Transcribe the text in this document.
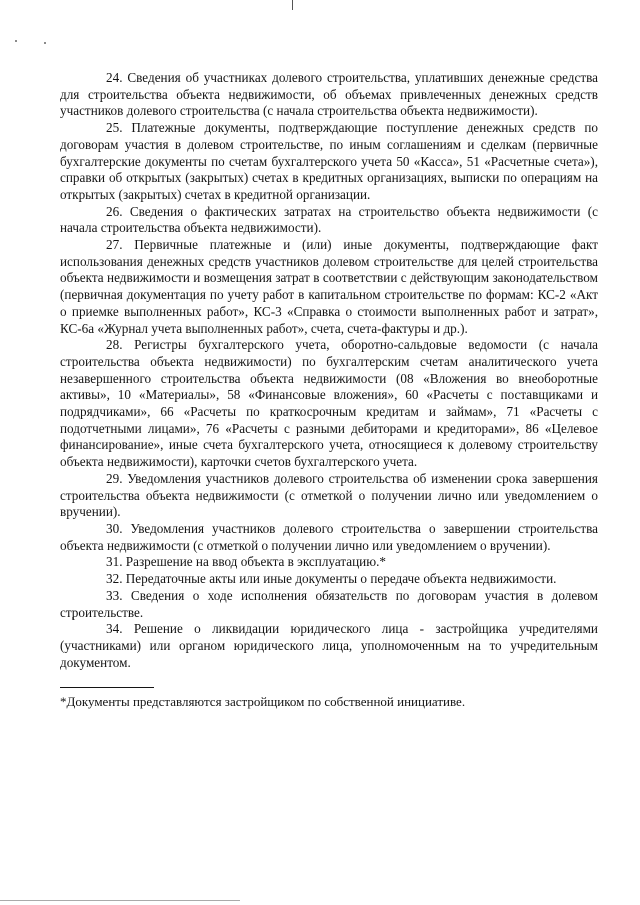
24. Сведения об участниках долевого строительства, уплативших денежные средства для строительства объекта недвижимости, об объемах привлеченных денежных средств участников долевого строительства (с начала строительства объекта недвижимости).

25. Платежные документы, подтверждающие поступление денежных средств по договорам участия в долевом строительстве, по иным соглашениям и сделкам (первичные бухгалтерские документы по счетам бухгалтерского учета 50 «Касса», 51 «Расчетные счета»), справки об открытых (закрытых) счетах в кредитных организациях, выписки по операциям на открытых (закрытых) счетах в кредитной организации.

26. Сведения о фактических затратах на строительство объекта недвижимости (с начала строительства объекта недвижимости).

27. Первичные платежные и (или) иные документы, подтверждающие факт использования денежных средств участников долевом строительстве для целей строительства объекта недвижимости и возмещения затрат в соответствии с действующим законодательством (первичная документация по учету работ в капитальном строительстве по формам: КС-2 «Акт о приемке выполненных работ», КС-3 «Справка о стоимости выполненных работ и затрат», КС-6а «Журнал учета выполненных работ», счета, счета-фактуры и др.).

28. Регистры бухгалтерского учета, оборотно-сальдовые ведомости (с начала строительства объекта недвижимости) по бухгалтерским счетам аналитического учета незавершенного строительства объекта недвижимости (08 «Вложения во внеоборотные активы», 10 «Материалы», 58 «Финансовые вложения», 60 «Расчеты с поставщиками и подрядчиками», 66 «Расчеты по краткосрочным кредитам и займам», 71 «Расчеты с подотчетными лицами», 76 «Расчеты с разными дебиторами и кредиторами», 86 «Целевое финансирование», иные счета бухгалтерского учета, относящиеся к долевому строительству объекта недвижимости), карточки счетов бухгалтерского учета.

29. Уведомления участников долевого строительства об изменении срока завершения строительства объекта недвижимости (с отметкой о получении лично или уведомлением о вручении).

30. Уведомления участников долевого строительства о завершении строительства объекта недвижимости (с отметкой о получении лично или уведомлением о вручении).

31. Разрешение на ввод объекта в эксплуатацию.*

32. Передаточные акты или иные документы о передаче объекта недвижимости.

33. Сведения о ходе исполнения обязательств по договорам участия в долевом строительстве.

34. Решение о ликвидации юридического лица - застройщика учредителями (участниками) или органом юридического лица, уполномоченным на то учредительным документом.

*Документы представляются застройщиком по собственной инициативе.
